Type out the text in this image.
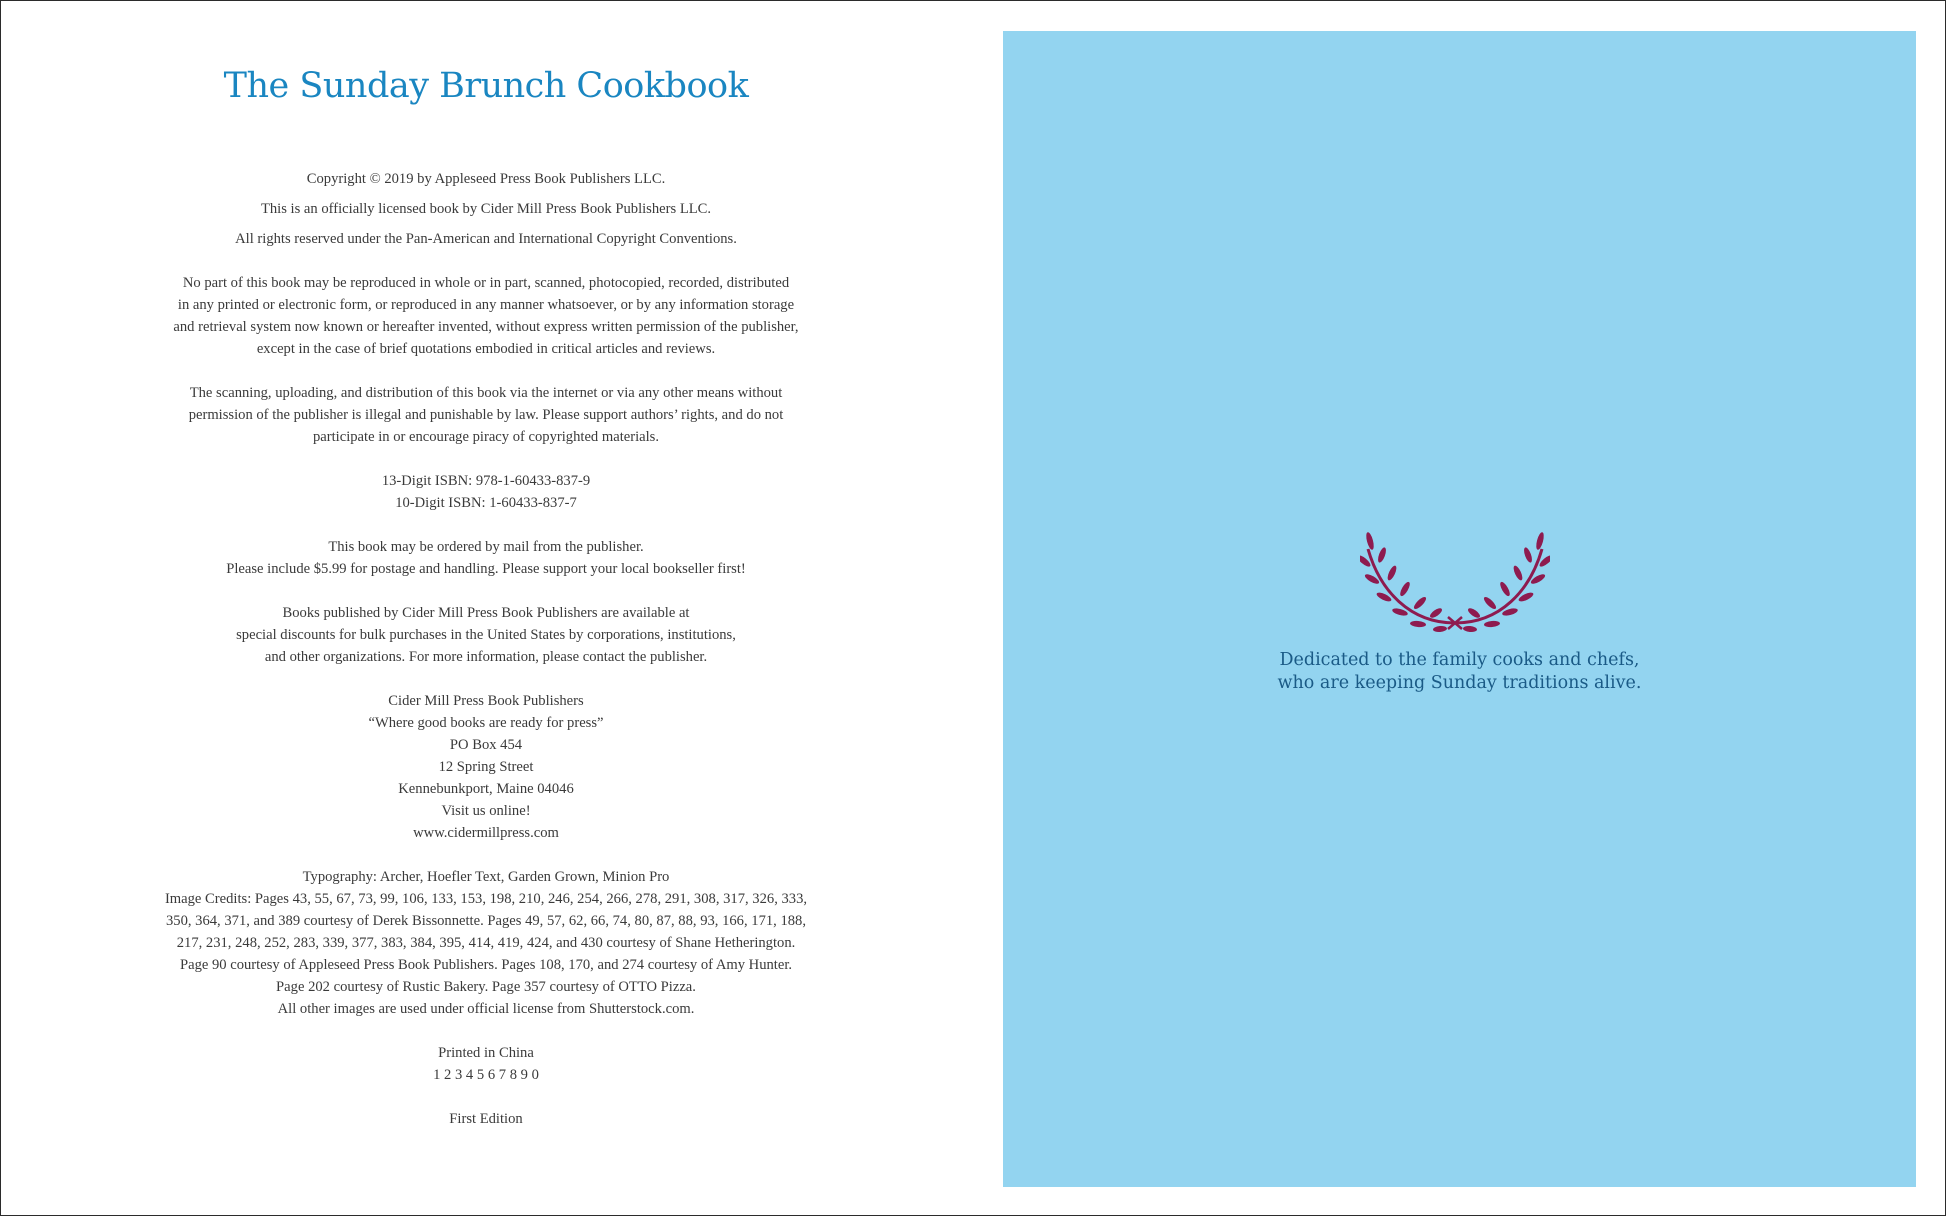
The Sunday Brunch Cookbook

Copyright © 2019 by Appleseed Press Book Publishers LLC.

This is an officially licensed book by Cider Mill Press Book Publishers LLC.

All rights reserved under the Pan-American and International Copyright Conventions.

No part of this book may be reproduced in whole or in part, scanned, photocopied, recorded, distributed

in any printed or electronic form, or reproduced in any manner whatsoever, or by any information storage

and retrieval system now known or hereafter invented, without express written permission of the publisher,

except in the case of brief quotations embodied in critical articles and reviews.

The scanning, uploading, and distribution of this book via the internet or via any other means without

permission of the publisher is illegal and punishable by law. Please support authors’ rights, and do not

participate in or encourage piracy of copyrighted materials.

13-Digit ISBN: 978-1-60433-837-9

10-Digit ISBN: 1-60433-837-7

This book may be ordered by mail from the publisher.

Please include $5.99 for postage and handling. Please support your local bookseller first!

Books published by Cider Mill Press Book Publishers are available at

special discounts for bulk purchases in the United States by corporations, institutions,

and other organizations. For more information, please contact the publisher.

Cider Mill Press Book Publishers

“Where good books are ready for press”

PO Box 454

12 Spring Street

Kennebunkport, Maine 04046

Visit us online!

www.cidermillpress.com

Typography: Archer, Hoefler Text, Garden Grown, Minion Pro

Image Credits: Pages 43, 55, 67, 73, 99, 106, 133, 153, 198, 210, 246, 254, 266, 278, 291, 308, 317, 326, 333,

350, 364, 371, and 389 courtesy of Derek Bissonnette. Pages 49, 57, 62, 66, 74, 80, 87, 88, 93, 166, 171, 188,

217, 231, 248, 252, 283, 339, 377, 383, 384, 395, 414, 419, 424, and 430 courtesy of Shane Hetherington.

Page 90 courtesy of Appleseed Press Book Publishers. Pages 108, 170, and 274 courtesy of Amy Hunter.

Page 202 courtesy of Rustic Bakery. Page 357 courtesy of OTTO Pizza.

All other images are used under official license from Shutterstock.com.

Printed in China

1 2 3 4 5 6 7 8 9 0

First Edition

Dedicated to the family cooks and chefs,

who are keeping Sunday traditions alive.
